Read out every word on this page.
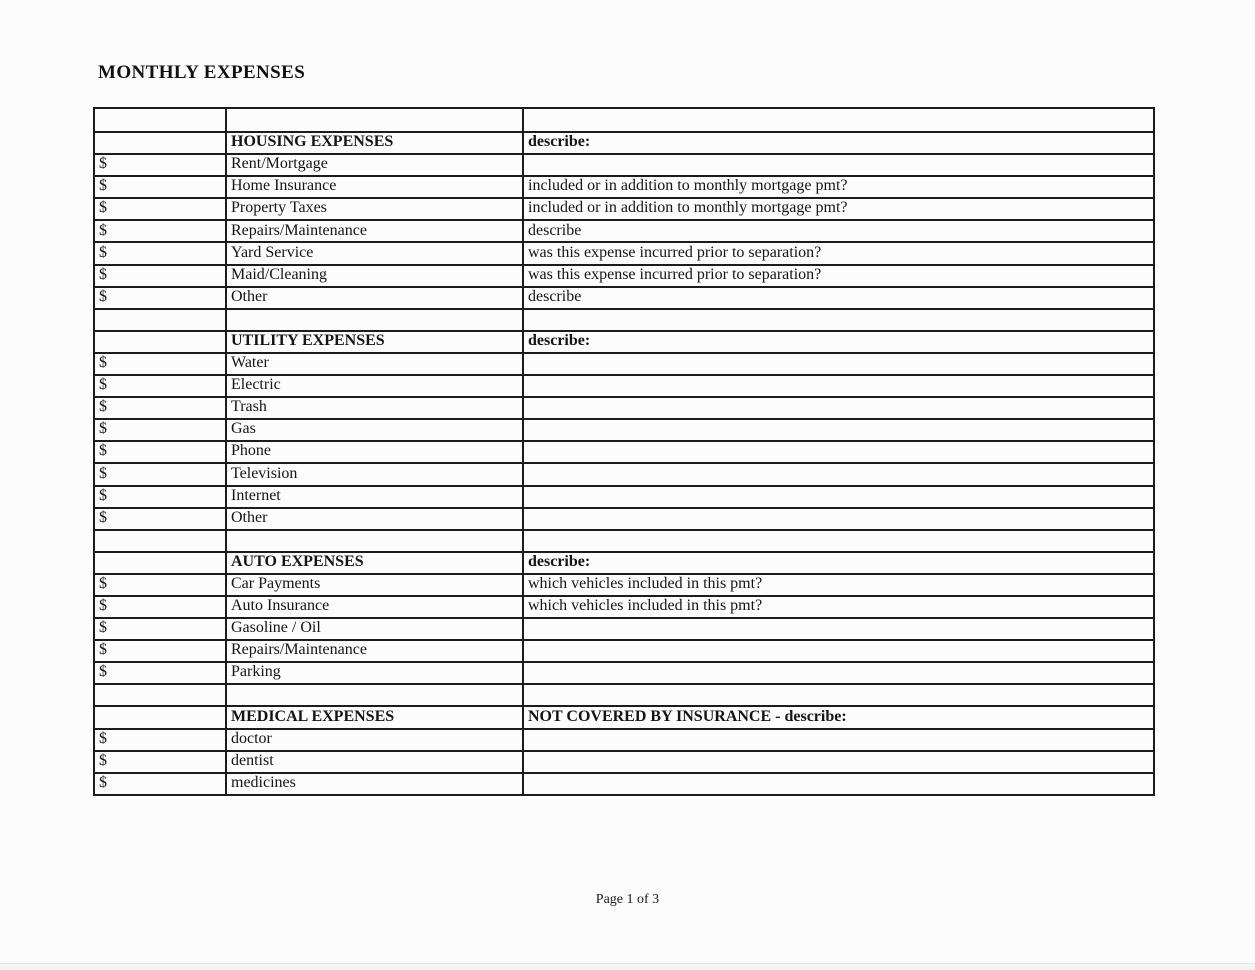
MONTHLY EXPENSES

	HOUSING EXPENSES	describe:
$	Rent/Mortgage	
$	Home Insurance	included or in addition to monthly mortgage pmt?
$	Property Taxes	included or in addition to monthly mortgage pmt?
$	Repairs/Maintenance	describe
$	Yard Service	was this expense incurred prior to separation?
$	Maid/Cleaning	was this expense incurred prior to separation?
$	Other	describe

	UTILITY EXPENSES	describe:
$	Water	
$	Electric	
$	Trash	
$	Gas	
$	Phone	
$	Television	
$	Internet	
$	Other	

	AUTO EXPENSES	describe:
$	Car Payments	which vehicles included in this pmt?
$	Auto Insurance	which vehicles included in this pmt?
$	Gasoline / Oil	
$	Repairs/Maintenance	
$	Parking	

	MEDICAL EXPENSES	NOT COVERED BY INSURANCE - describe:
$	doctor	
$	dentist	
$	medicines	
Page 1 of 3
